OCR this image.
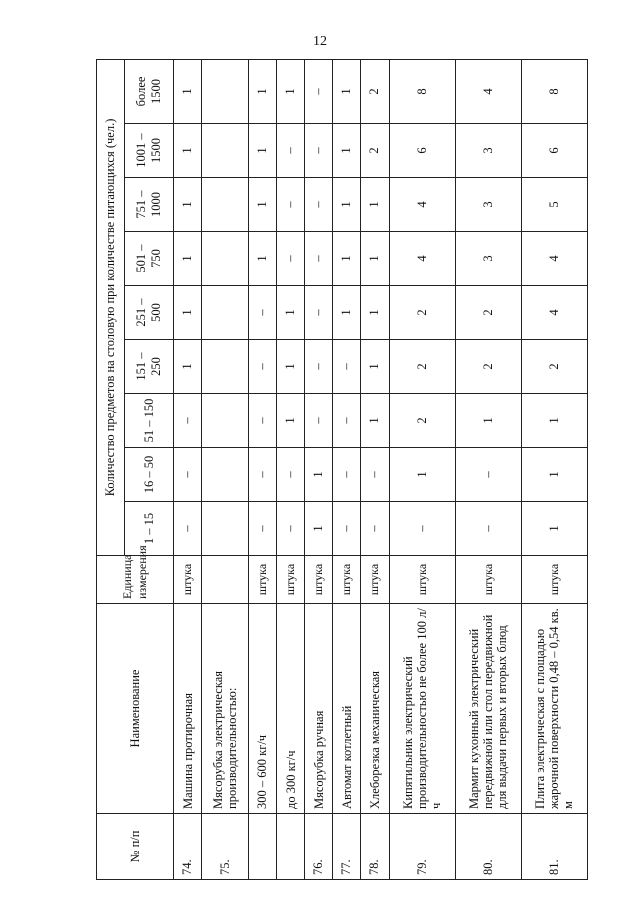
12
№ п/п	Наименование	Единица измерения	Количество предметов на столовую при количестве питающихся (чел.)								
			1 – 15	16 – 50	51 – 150	151 – 250	251 – 500	501 – 750	751 – 1000	1001 – 1500	более 1500
74.	Машина протирочная	штука	–	–	–	1	1	1	1	1	1
75.	Мясорубка электрическая производительностью:										
	300 – 600 кг/ч	штука	–	–	–	–	–	1	1	1	1
	до 300 кг/ч	штука	–	–	1	1	1	–	–	–	1
76.	Мясорубка ручная	штука	1	1	–	–	–	–	–	–	–
77.	Автомат котлетный	штука	–	–	–	–	1	1	1	1	1
78.	Хлеборезка механическая	штука	–	–	1	1	1	1	1	2	2
79.	Кипятильник электрический производительностью не более 100 л/ч	штука	–	1	2	2	2	4	4	6	8
80.	Мармит кухонный электрический передвижной или стол передвижной для выдачи первых и вторых блюд	штука	–	–	1	2	2	3	3	3	4
81.	Плита электрическая с площадью жарочной поверхности 0,48 – 0,54 кв. м	штука	1	1	1	2	4	4	5	6	8
